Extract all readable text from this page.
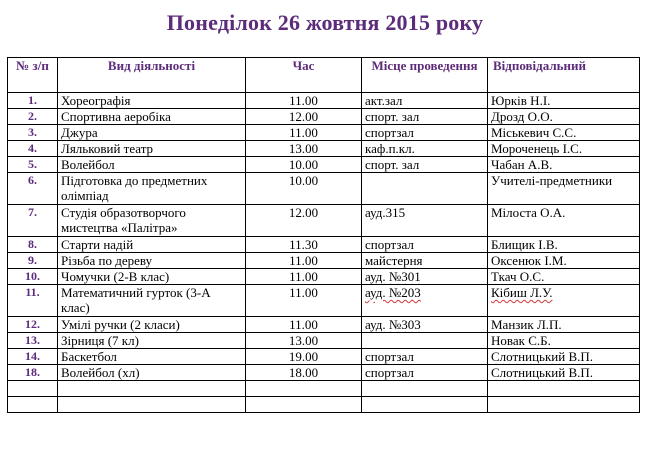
Понеділок 26 жовтня 2015 року
№ з/п	Вид діяльності	Час	Місце проведення	Відповідальний
1.	Хореографія	11.00	акт.зал	Юрків Н.І.
2.	Спортивна аеробіка	12.00	спорт. зал	Дрозд О.О.
3.	Джура	11.00	спортзал	Міськевич С.С.
4.	Ляльковий театр	13.00	каф.п.кл.	Мороченець І.С.
5.	Волейбол	10.00	спорт. зал	Чабан А.В.
6.	Підготовка до предметних олімпіад	10.00		Учителі-предметники
7.	Студія образотворчого мистецтва «Палітра»	12.00	ауд.315	Мілоста О.А.
8.	Старти надій	11.30	спортзал	Блищик І.В.
9.	Різьба по дереву	11.00	майстерня	Оксенюк І.М.
10.	Чомучки (2-В клас)	11.00	ауд. №301	Ткач О.С.
11.	Математичний гурток (3-А клас)	11.00	ауд. №203	Кібиш Л.У.
12.	Умілі ручки (2 класи)	11.00	ауд. №303	Манзик Л.П.
13.	Зірниця (7 кл)	13.00		Новак С.Б.
14.	Баскетбол	19.00	спортзал	Слотницький В.П.
18.	Волейбол (хл)	18.00	спортзал	Слотницький В.П.
